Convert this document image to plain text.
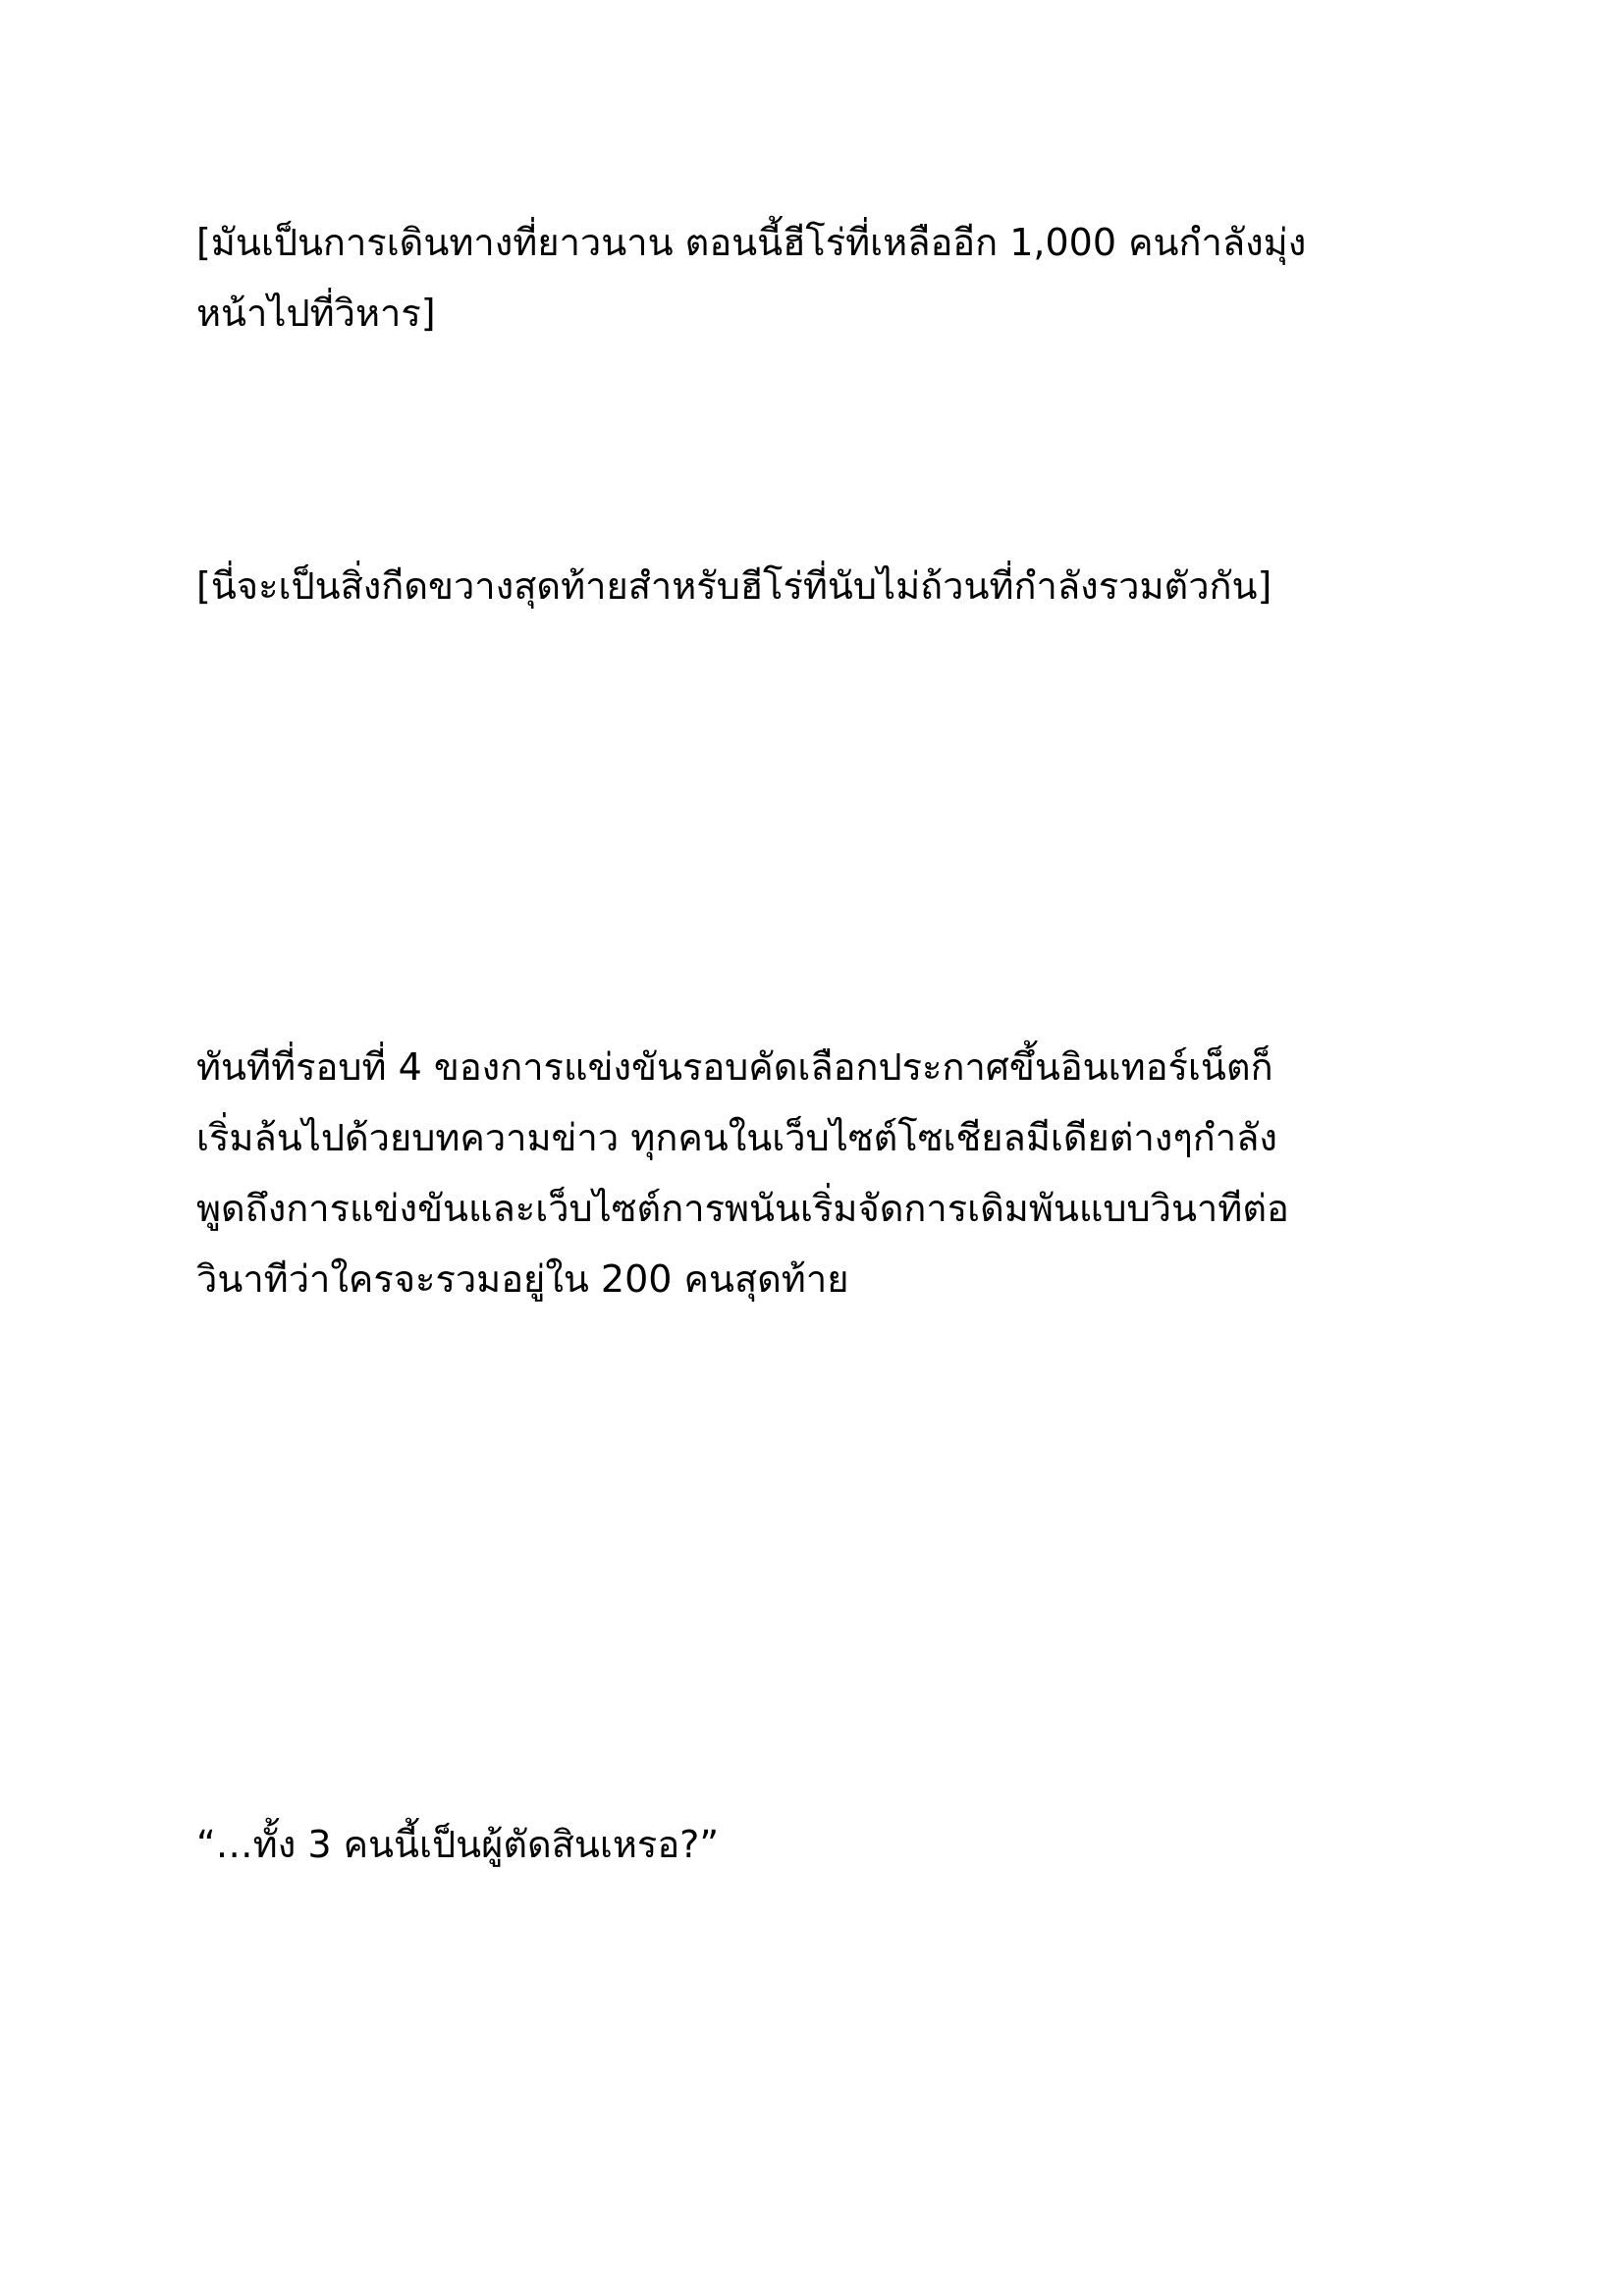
[มันเป็นการเดินทางที่ยาวนาน ตอนนี้ฮีโร่ที่เหลืออีก 1,000 คนกำลังมุ่ง
หน้าไปที่วิหาร]
[นี่จะเป็นสิ่งกีดขวางสุดท้ายสำหรับฮีโร่ที่นับไม่ถ้วนที่กำลังรวมตัวกัน]
ทันทีที่รอบที่ 4 ของการแข่งขันรอบคัดเลือกประกาศขึ้นอินเทอร์เน็ตก็
เริ่มล้นไปด้วยบทความข่าว ทุกคนในเว็บไซต์โซเชียลมีเดียต่างๆกำลัง
พูดถึงการแข่งขันและเว็บไซต์การพนันเริ่มจัดการเดิมพันแบบวินาทีต่อ
วินาทีว่าใครจะรวมอยู่ใน 200 คนสุดท้าย
“…ทั้ง 3 คนนี้เป็นผู้ตัดสินเหรอ?”
